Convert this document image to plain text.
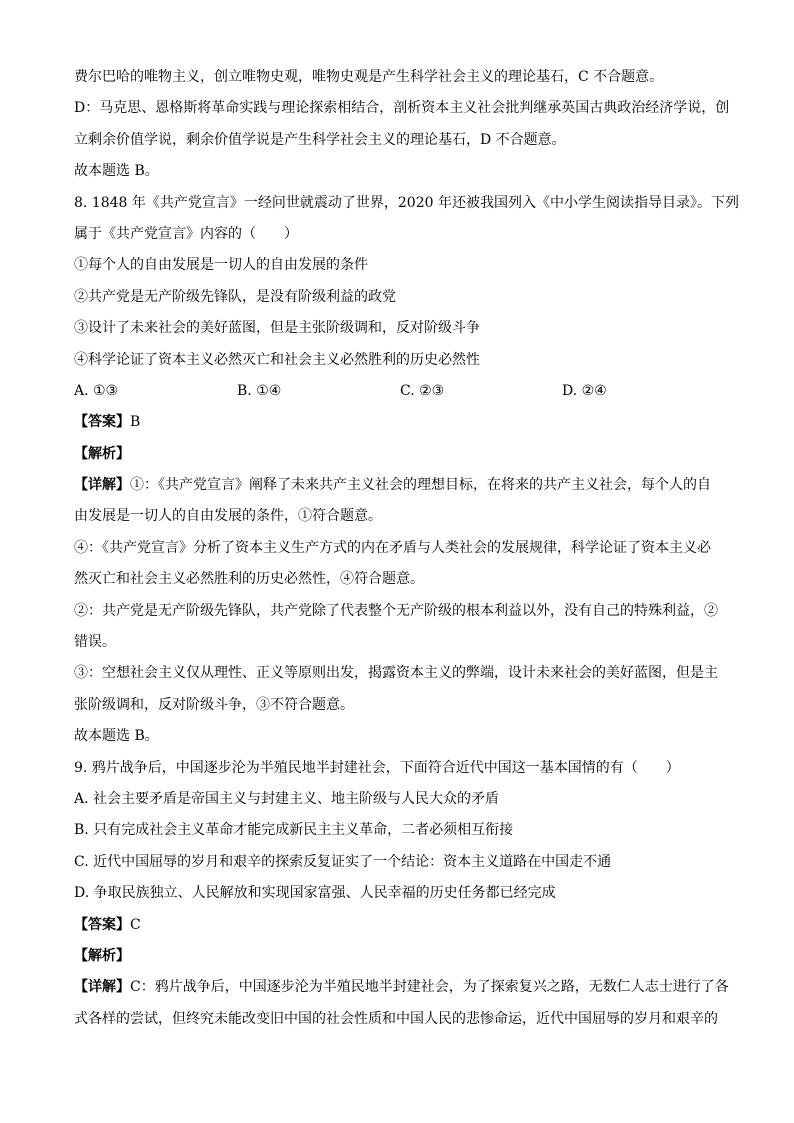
费尔巴哈的唯物主义，创立唯物史观，唯物史观是产生科学社会主义的理论基石，C 不合题意。
D：马克思、恩格斯将革命实践与理论探索相结合，剖析资本主义社会批判继承英国古典政治经济学说，创
立剩余价值学说，剩余价值学说是产生科学社会主义的理论基石，D 不合题意。
故本题选 B。
8. 1848 年《共产党宣言》一经问世就震动了世界，2020 年还被我国列入《中小学生阅读指导目录》。下列
属于《共产党宣言》内容的（　　）
①每个人的自由发展是一切人的自由发展的条件
②共产党是无产阶级先锋队，是没有阶级利益的政党
③设计了未来社会的美好蓝图，但是主张阶级调和，反对阶级斗争
④科学论证了资本主义必然灭亡和社会主义必然胜利的历史必然性
A. ①③	B. ①④	C. ②③	D. ②④
【答案】B
【解析】
【详解】①：《共产党宣言》阐释了未来共产主义社会的理想目标，在将来的共产主义社会，每个人的自
由发展是一切人的自由发展的条件，①符合题意。
④：《共产党宣言》分析了资本主义生产方式的内在矛盾与人类社会的发展规律，科学论证了资本主义必
然灭亡和社会主义必然胜利的历史必然性，④符合题意。
②：共产党是无产阶级先锋队，共产党除了代表整个无产阶级的根本利益以外，没有自己的特殊利益，②
错误。
③：空想社会主义仅从理性、正义等原则出发，揭露资本主义的弊端，设计未来社会的美好蓝图，但是主
张阶级调和，反对阶级斗争，③不符合题意。
故本题选 B。
9. 鸦片战争后，中国逐步沦为半殖民地半封建社会，下面符合近代中国这一基本国情的有（　　）
A. 社会主要矛盾是帝国主义与封建主义、地主阶级与人民大众的矛盾
B. 只有完成社会主义革命才能完成新民主主义革命，二者必须相互衔接
C. 近代中国屈辱的岁月和艰辛的探索反复证实了一个结论：资本主义道路在中国走不通
D. 争取民族独立、人民解放和实现国家富强、人民幸福的历史任务都已经完成
【答案】C
【解析】
【详解】C：鸦片战争后，中国逐步沦为半殖民地半封建社会，为了探索复兴之路，无数仁人志士进行了各
式各样的尝试，但终究未能改变旧中国的社会性质和中国人民的悲惨命运，近代中国屈辱的岁月和艰辛的
